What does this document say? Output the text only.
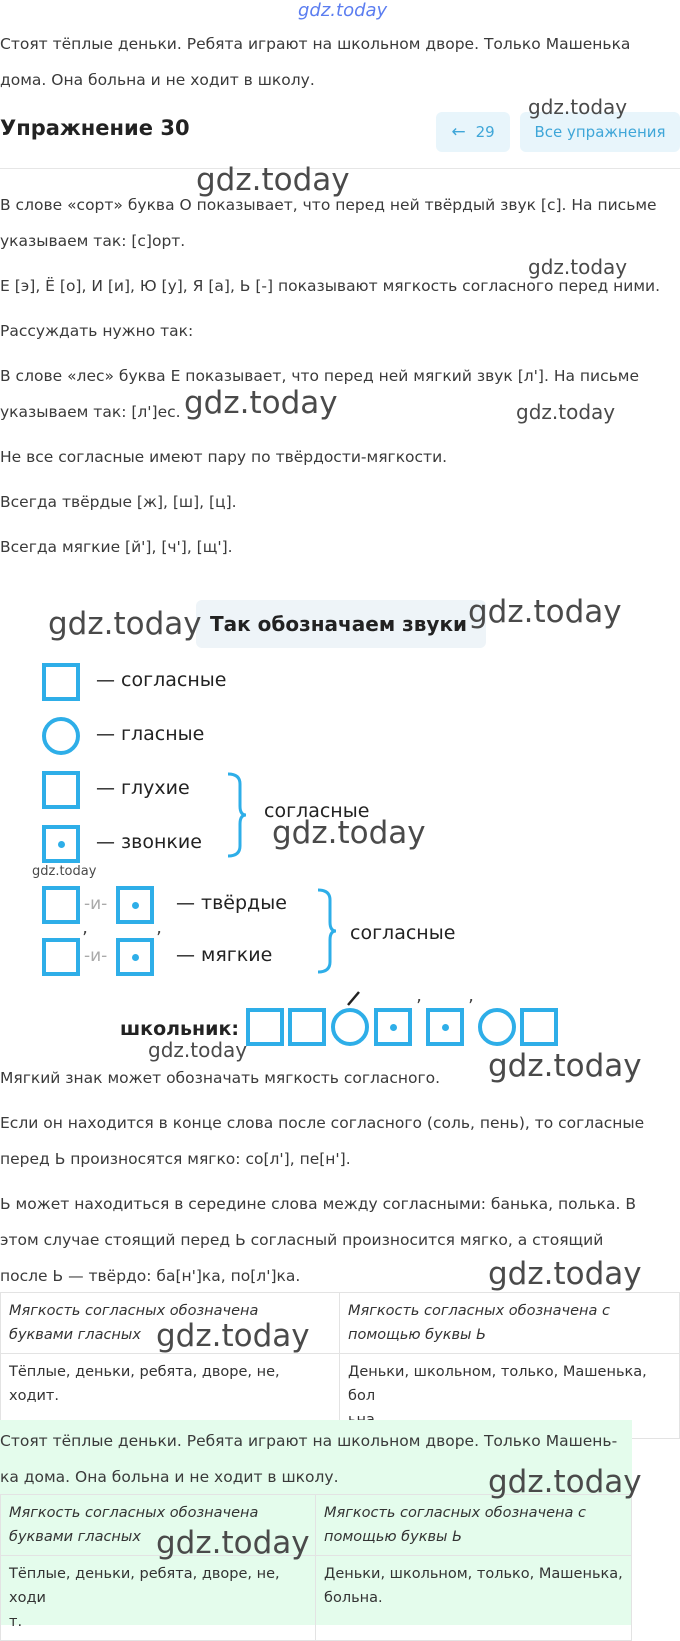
gdz.today
Стоят тёплые деньки. Ребята играют на школьном дворе. Только Машенька
дома. Она больна и не ходит в школу.
Упражнение 30	← 29	Все упражнения
В слове «сорт» буква О показывает, что перед ней твёрдый звук [с]. На письме
указываем так: [с]орт.
Е [э], Ё [о], И [и], Ю [у], Я [а], Ь [-] показывают мягкость согласного перед ними.
Рассуждать нужно так:
В слове «лес» буква Е показывает, что перед ней мягкий звук [л']. На письме
указываем так: [л']ес.
Не все согласные имеют пару по твёрдости-мягкости.
Всегда твёрдые [ж], [ш], [ц].
Всегда мягкие [й'], [ч'], [щ'].
Так обозначаем звуки
— согласные
— гласные
— глухие
— звонкие
согласные
-и-	— твёрдые
’
-и-
’
— мягкие
согласные
школьник:
’	’
Мягкий знак может обозначать мягкость согласного.
Если он находится в конце слова после согласного (соль, пень), то согласные
перед Ь произносятся мягко: со[л'], пе[н'].
Ь может находиться в середине слова между согласными: банька, полька. В
этом случае стоящий перед Ь согласный произносится мягко, а стоящий
после Ь — твёрдо: ба[н']ка, по[л']ка.
Мягкость согласных обозначена
буквами гласных	Мягкость согласных обозначена с
помощью буквы Ь
Тёплые, деньки, ребята, дворе, не, ходит.	Деньки, школьном, только, Машенька, бол

Стоят тёплые деньки. Ребята играют на школьном дворе. Только Машень-
ка дома. Она больна и не ходит в школу.
Мягкость согласных обозначена
буквами гласных	Мягкость согласных обозначена с
помощью буквы Ь
Тёплые, деньки, ребята, дворе, не, ходи
т.	Деньки, школьном, только, Машенька,
больна.
gdz.today
gdz.today
gdz.today
gdz.today	gdz.today
gdz.today	gdz.today
gdz.today
gdz.today
gdz.today	gdz.today
gdz.today
gdz.today
gdz.today
gdz.today
